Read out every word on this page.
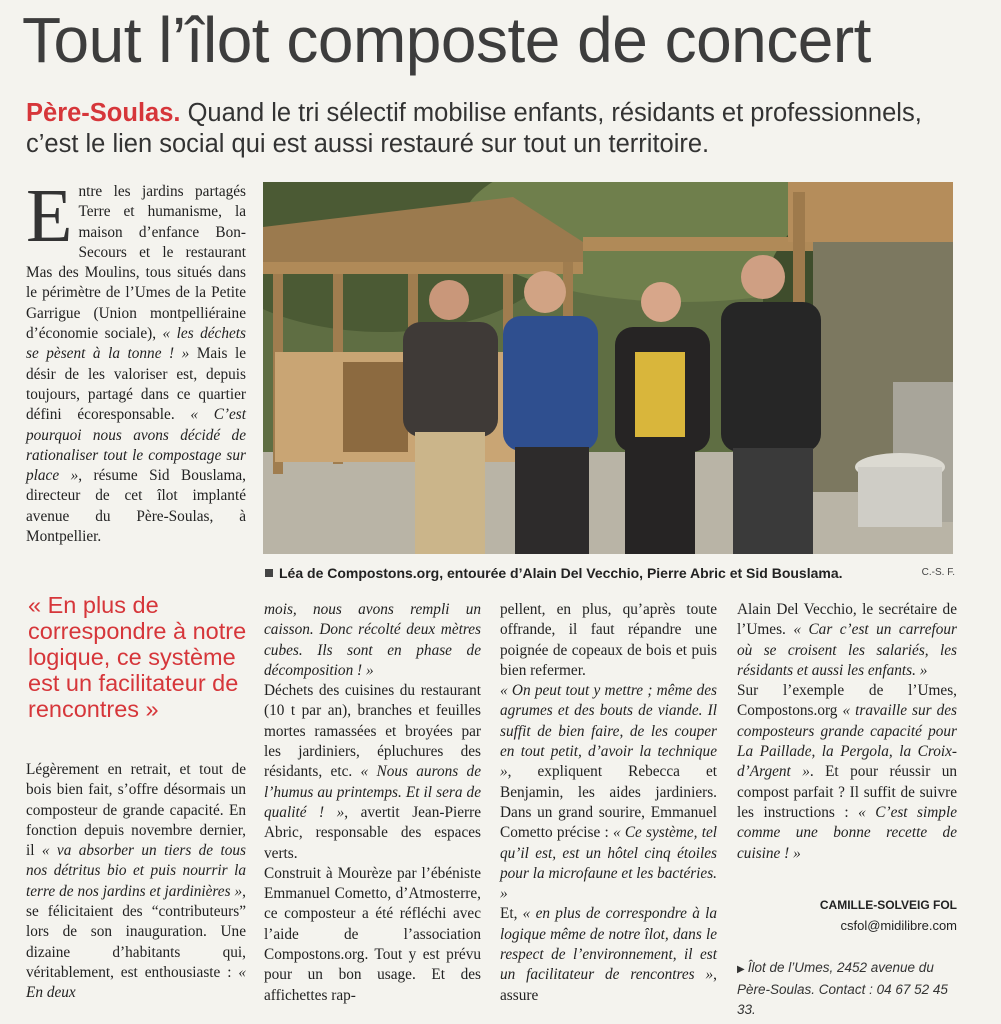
Tout l’îlot composte de concert
Père-Soulas. Quand le tri sélectif mobilise enfants, résidants et professionnels, c’est le lien social qui est aussi restauré sur tout un territoire.
E ntre les jardins partagés Terre et humanisme, la maison d’enfance Bon-Secours et le restaurant Mas des Moulins, tous situés dans le périmètre de l’Umes de la Petite Garrigue (Union montpelliéraine d’économie sociale), « les déchets se pèsent à la tonne ! » Mais le désir de les valoriser est, depuis toujours, partagé dans ce quartier défini écoresponsable. « C’est pourquoi nous avons décidé de rationaliser tout le compostage sur place », résume Sid Bouslama, directeur de cet îlot implanté avenue du Père-Soulas, à Montpellier.

« En plus de correspondre à notre logique, ce système est un facilitateur de rencontres »

Légèrement en retrait, et tout de bois bien fait, s’offre désormais un composteur de grande capacité. En fonction depuis novembre dernier, il « va absorber un tiers de tous nos détritus bio et puis nourrir la terre de nos jardins et jardinières », se félicitaient des “contributeurs” lors de son inauguration. Une dizaine d’habitants qui, véritablement, est enthousiaste : « En deux

Léa de Compostons.org, entourée d’Alain Del Vecchio, Pierre Abric et Sid Bouslama.	C.-S. F.

mois, nous avons rempli un caisson. Donc récolté deux mètres cubes. Ils sont en phase de décomposition ! »

Déchets des cuisines du restaurant (10 t par an), branches et feuilles mortes ramassées et broyées par les jardiniers, épluchures des résidants, etc. « Nous aurons de l’humus au printemps. Et il sera de qualité ! », avertit Jean-Pierre Abric, responsable des espaces verts.

Construit à Mourèze par l’ébéniste Emmanuel Cometto, d’Atmosterre, ce composteur a été réfléchi avec l’aide de l’association Compostons.org. Tout y est prévu pour un bon usage. Et des affichettes rap-

pellent, en plus, qu’après toute offrande, il faut répandre une poignée de copeaux de bois et puis bien refermer.

« On peut tout y mettre ; même des agrumes et des bouts de viande. Il suffit de bien faire, de les couper en tout petit, d’avoir la technique », expliquent Rebecca et Benjamin, les aides jardiniers. Dans un grand sourire, Emmanuel Cometto précise : « Ce système, tel qu’il est, est un hôtel cinq étoiles pour la microfaune et les bactéries. »

Et, « en plus de correspondre à la logique même de notre îlot, dans le respect de l’environnement, il est un facilitateur de rencontres », assure

Alain Del Vecchio, le secrétaire de l’Umes. « Car c’est un carrefour où se croisent les salariés, les résidants et aussi les enfants. »

Sur l’exemple de l’Umes, Compostons.org « travaille sur des composteurs grande capacité pour La Paillade, la Pergola, la Croix-d’Argent ». Et pour réussir un compost parfait ? Il suffit de suivre les instructions : « C’est simple comme une bonne recette de cuisine ! »

CAMILLE-SOLVEIG FOL
csfol@midilibre.com
▶ Îlot de l’Umes, 2452 avenue du Père-Soulas. Contact : 04 67 52 45 33.
